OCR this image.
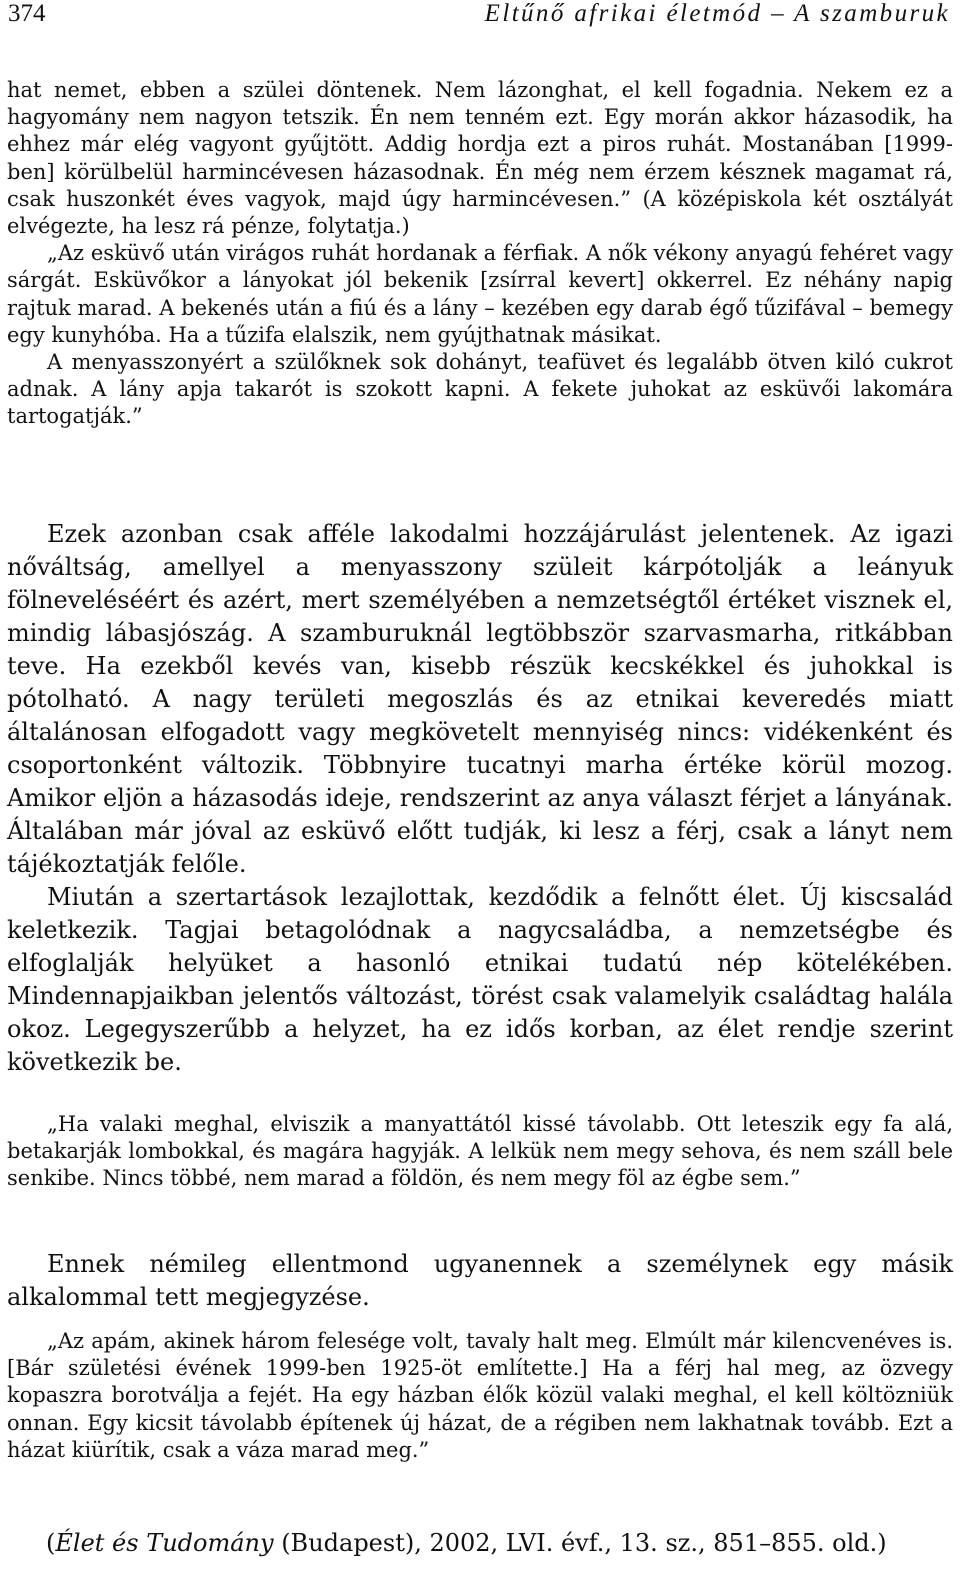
374	Eltűnő afrikai életmód – A szamburuk

hat nemet, ebben a szülei döntenek. Nem lázonghat, el kell fogadnia. Nekem ez a hagyomány nem nagyon tetszik. Én nem tenném ezt. Egy morán akkor házasodik, ha ehhez már elég vagyont gyűjtött. Addig hordja ezt a piros ruhát. Mostanában [1999-ben] körülbelül harmincévesen házasodnak. Én még nem érzem késznek magamat rá, csak huszonkét éves vagyok, majd úgy harmincévesen.” (A középiskola két osztályát elvégezte, ha lesz rá pénze, folytatja.)

„Az esküvő után virágos ruhát hordanak a férfiak. A nők vékony anyagú fehéret vagy sárgát. Esküvőkor a lányokat jól bekenik [zsírral kevert] okkerrel. Ez néhány napig rajtuk marad. A bekenés után a fiú és a lány – kezében egy darab égő tűzifával – bemegy egy kunyhóba. Ha a tűzifa elalszik, nem gyújthatnak másikat.

A menyasszonyért a szülőknek sok dohányt, teafüvet és legalább ötven kiló cukrot adnak. A lány apja takarót is szokott kapni. A fekete juhokat az esküvői lakomára tartogatják.”

Ezek azonban csak afféle lakodalmi hozzájárulást jelentenek. Az igazi nőváltság, amellyel a menyasszony szüleit kárpótolják a leányuk fölneveléséért és azért, mert személyében a nemzetségtől értéket visznek el, mindig lábasjószág. A szamburuknál legtöbbször szarvasmarha, ritkábban teve. Ha ezekből kevés van, kisebb részük kecskékkel és juhokkal is pótolható. A nagy területi megoszlás és az etnikai keveredés miatt általánosan elfogadott vagy megkövetelt mennyiség nincs: vidékenként és csoportonként változik. Többnyire tucatnyi marha értéke körül mozog. Amikor eljön a házasodás ideje, rendszerint az anya választ férjet a lányának. Általában már jóval az esküvő előtt tudják, ki lesz a férj, csak a lányt nem tájékoztatják felőle.

Miután a szertartások lezajlottak, kezdődik a felnőtt élet. Új kiscsalád keletkezik. Tagjai betagolódnak a nagycsaládba, a nemzetségbe és elfoglalják helyüket a hasonló etnikai tudatú nép kötelékében. Mindennapjaikban jelentős változást, törést csak valamelyik családtag halála okoz. Legegyszerűbb a helyzet, ha ez idős korban, az élet rendje szerint következik be.

„Ha valaki meghal, elviszik a manyattától kissé távolabb. Ott leteszik egy fa alá, betakarják lombokkal, és magára hagyják. A lelkük nem megy sehova, és nem száll bele senkibe. Nincs többé, nem marad a földön, és nem megy föl az égbe sem.”

Ennek némileg ellentmond ugyanennek a személynek egy másik alkalommal tett megjegyzése.

„Az apám, akinek három felesége volt, tavaly halt meg. Elmúlt már kilencvenéves is. [Bár születési évének 1999-ben 1925-öt említette.] Ha a férj hal meg, az özvegy kopaszra borotválja a fejét. Ha egy házban élők közül valaki meghal, el kell költözniük onnan. Egy kicsit távolabb építenek új házat, de a régiben nem lakhatnak tovább. Ezt a házat kiürítik, csak a váza marad meg.”

(Élet és Tudomány (Budapest), 2002, LVI. évf., 13. sz., 851–855. old.)
